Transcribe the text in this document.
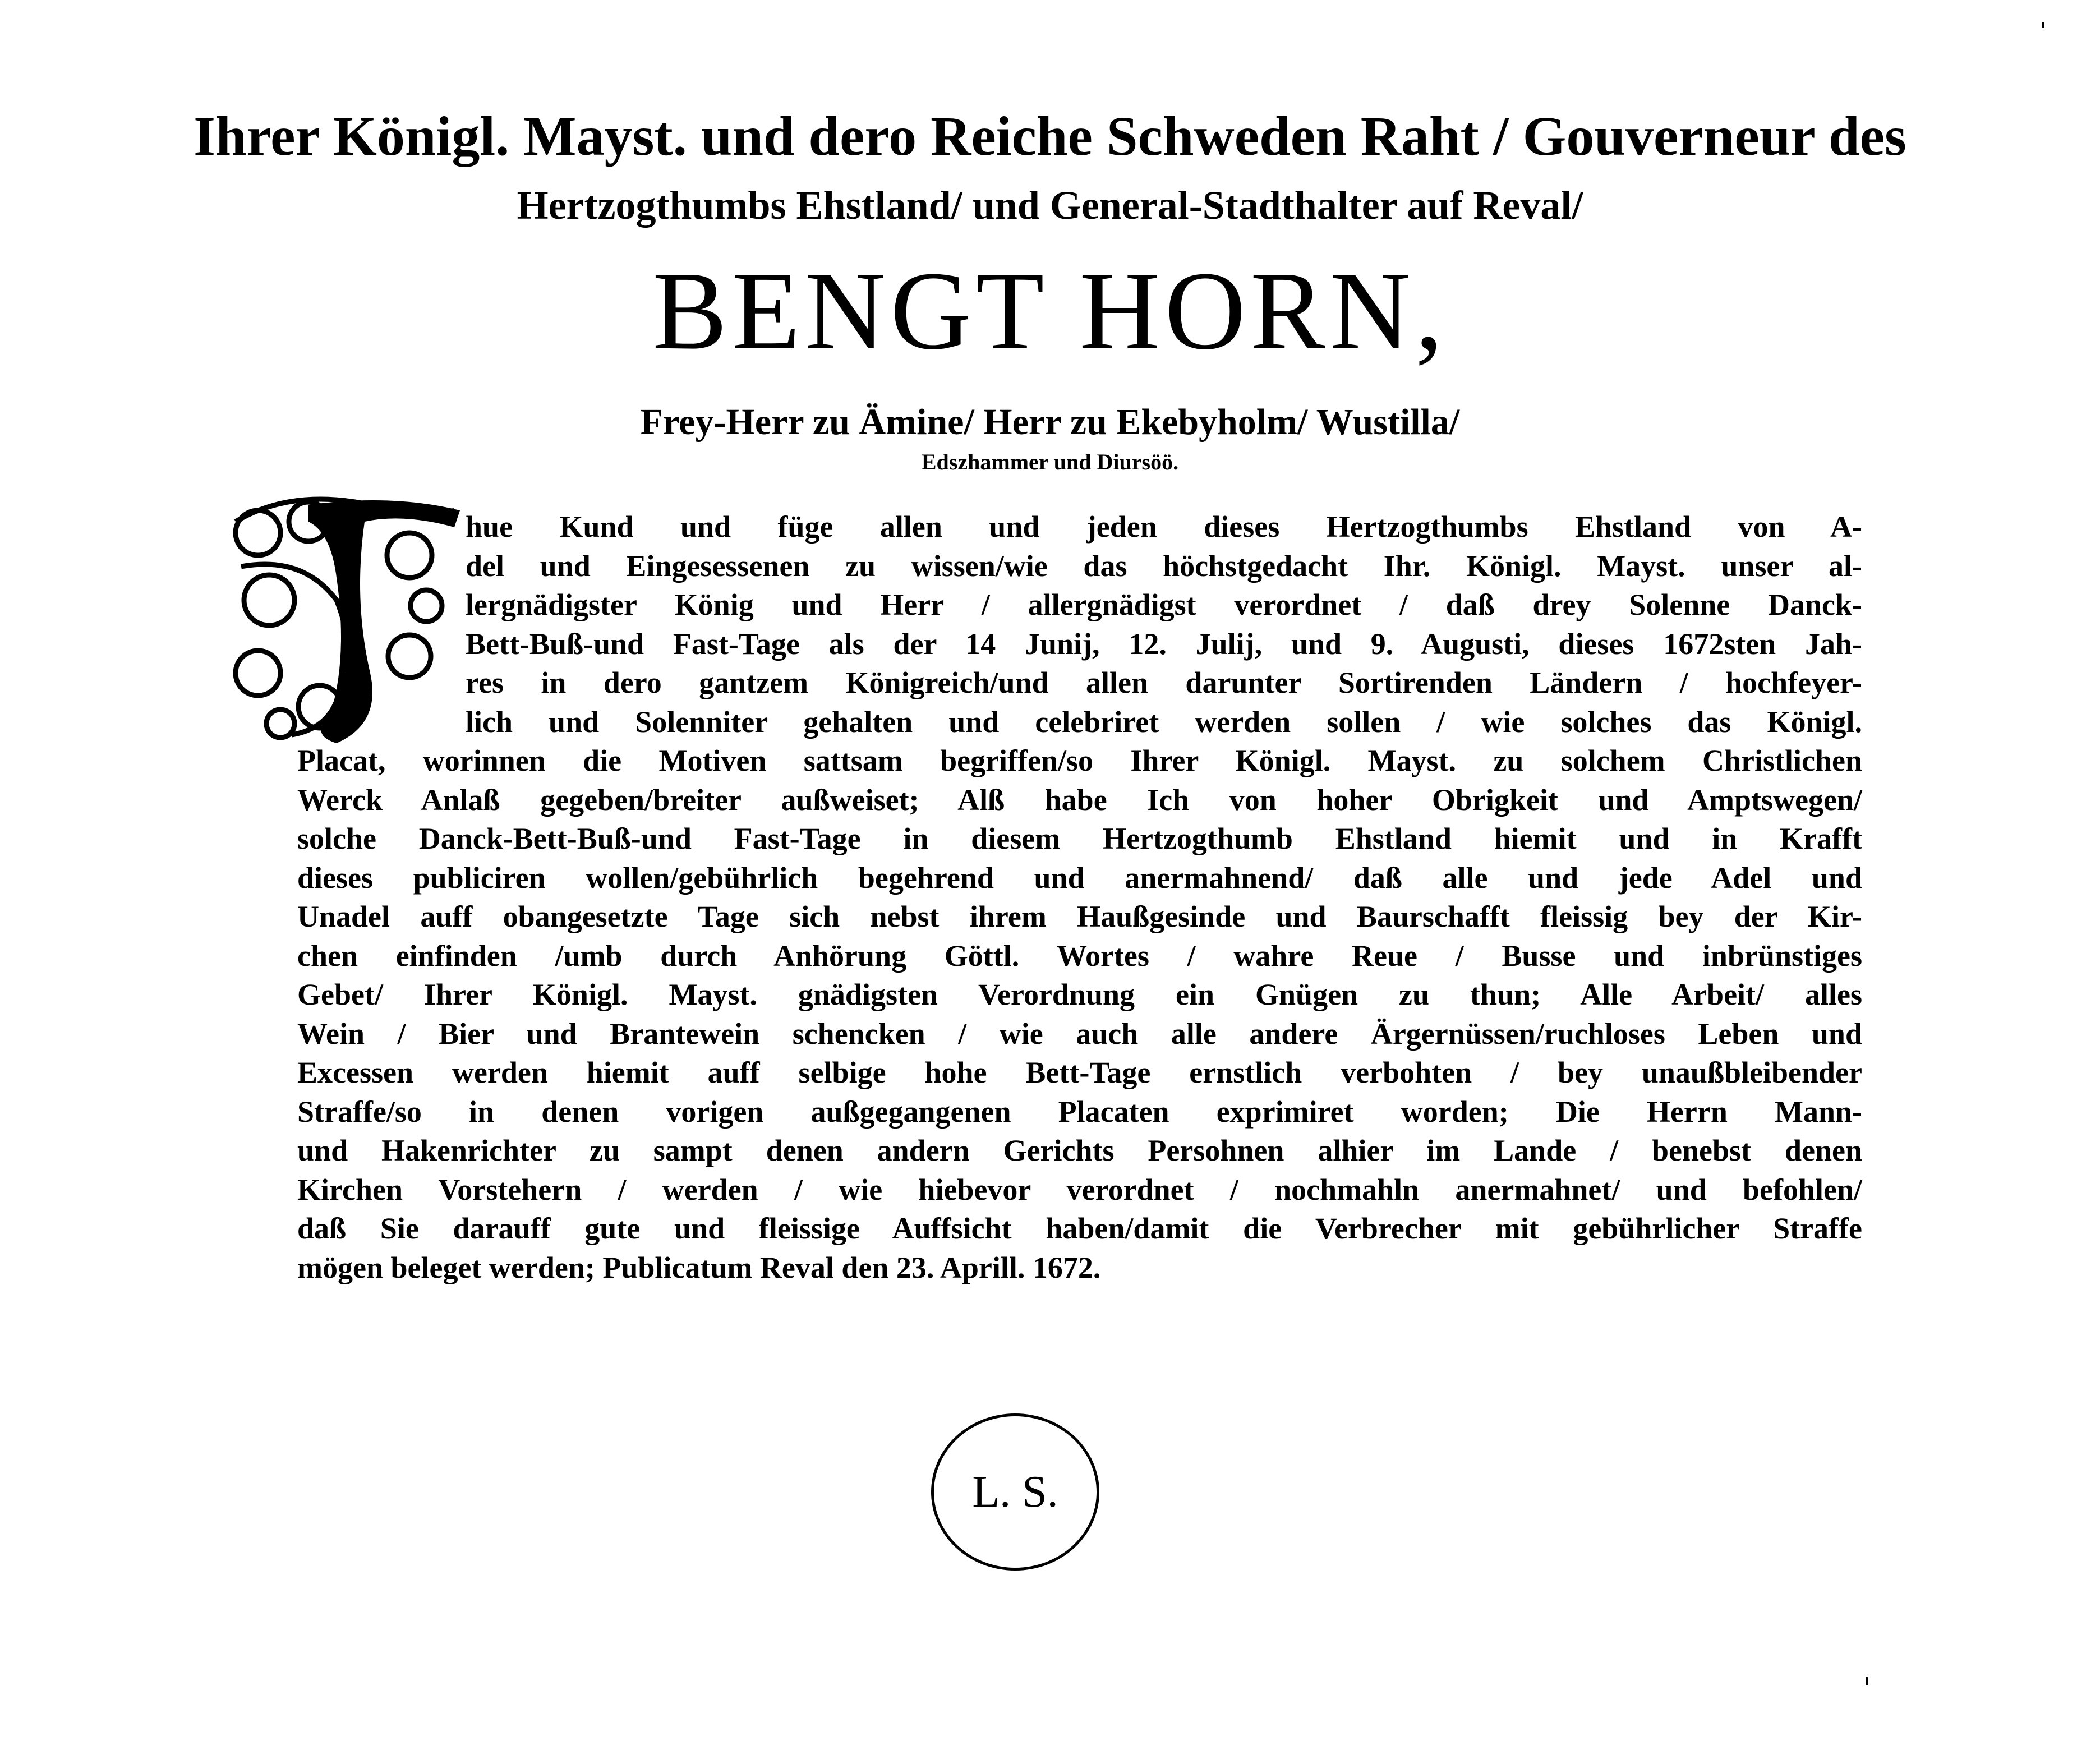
Ihrer Königl. Mayst. und dero Reiche Schweden Raht / Gouverneur des
Hertzogthumbs Ehstland/ und General-Stadthalter auf Reval/
BENGT HORN,
Frey-Herr zu Ämine/ Herr zu Ekebyholm/ Wustilla/
Edszhammer und Diursöö.
T
hue Kund und füge allen und jeden dieses Hertzogthumbs Ehstland von A-
del und Eingesessenen zu wissen/wie das höchstgedacht Ihr. Königl. Mayst. unser al-
lergnädigster König und Herr / allergnädigst verordnet / daß drey Solenne Danck-
Bett-Buß-und Fast-Tage als der 14 Junij, 12. Julij, und 9. Augusti, dieses 1672sten Jah-
res in dero gantzem Königreich/und allen darunter Sortirenden Ländern / hochfeyer-
lich und Solenniter gehalten und celebriret werden sollen / wie solches das Königl.
Placat, worinnen die Motiven sattsam begriffen/so Ihrer Königl. Mayst. zu solchem Christlichen
Werck Anlaß gegeben/breiter außweiset; Alß habe Ich von hoher Obrigkeit und Amptswegen/
solche Danck-Bett-Buß-und Fast-Tage in diesem Hertzogthumb Ehstland hiemit und in Krafft
dieses publiciren wollen/gebührlich begehrend und anermahnend/ daß alle und jede Adel und
Unadel auff obangesetzte Tage sich nebst ihrem Haußgesinde und Baurschafft fleissig bey der Kir-
chen einfinden /umb durch Anhörung Göttl. Wortes / wahre Reue / Busse und inbrünstiges
Gebet/ Ihrer Königl. Mayst. gnädigsten Verordnung ein Gnügen zu thun; Alle Arbeit/ alles
Wein / Bier und Brantewein schencken / wie auch alle andere Ärgernüssen/ruchloses Leben und
Excessen werden hiemit auff selbige hohe Bett-Tage ernstlich verbohten / bey unaußbleibender
Straffe/so in denen vorigen außgegangenen Placaten exprimiret worden; Die Herrn Mann-
und Hakenrichter zu sampt denen andern Gerichts Persohnen alhier im Lande / benebst denen
Kirchen Vorstehern / werden / wie hiebevor verordnet / nochmahln anermahnet/ und befohlen/
daß Sie darauff gute und fleissige Auffsicht haben/damit die Verbrecher mit gebührlicher Straffe
mögen beleget werden; Publicatum Reval den 23. Aprill. 1672.
L. S.
